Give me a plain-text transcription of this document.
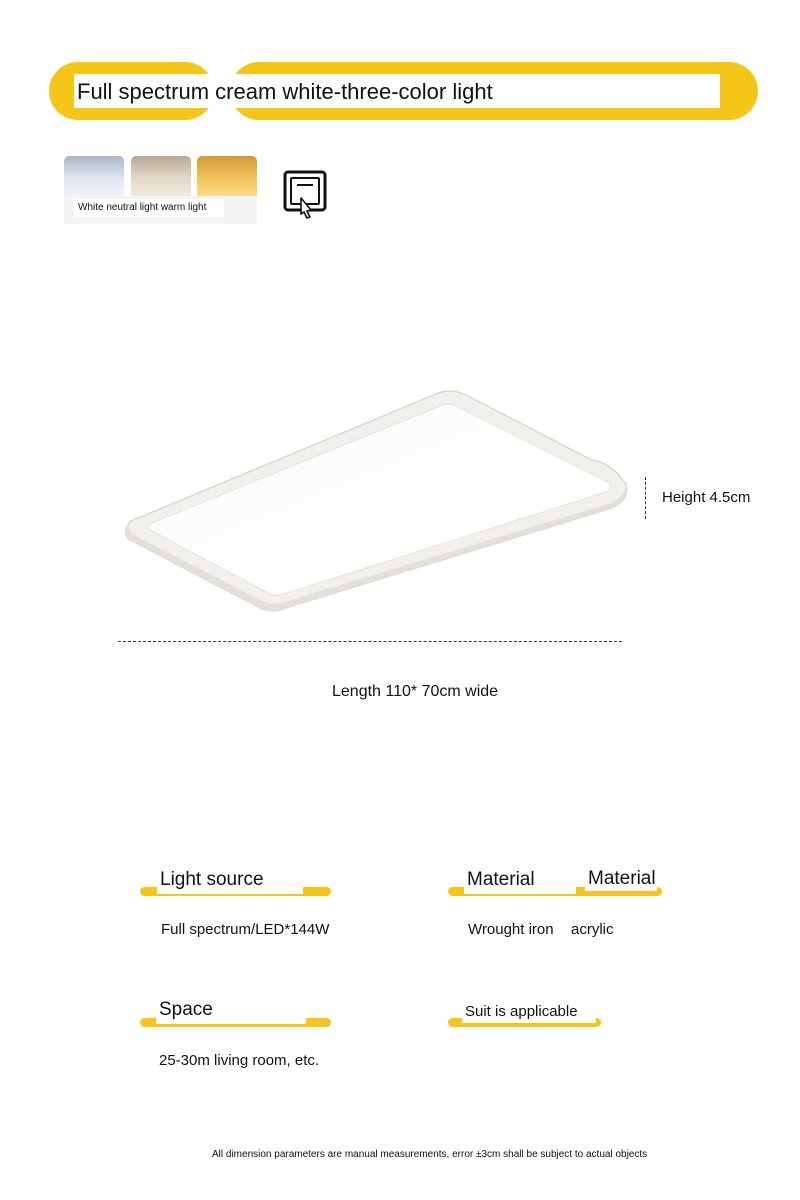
Full spectrum cream white-three-color light
White neutral light warm light
Height 4.5cm
Length 110* 70cm wide
Light source
Full spectrum/LED*144W
Material	Material
Wrought iron acrylic
Space
25-30m living room, etc.
Suit is applicable
All dimension parameters are manual measurements, error ±3cm shall be subject to actual objects
